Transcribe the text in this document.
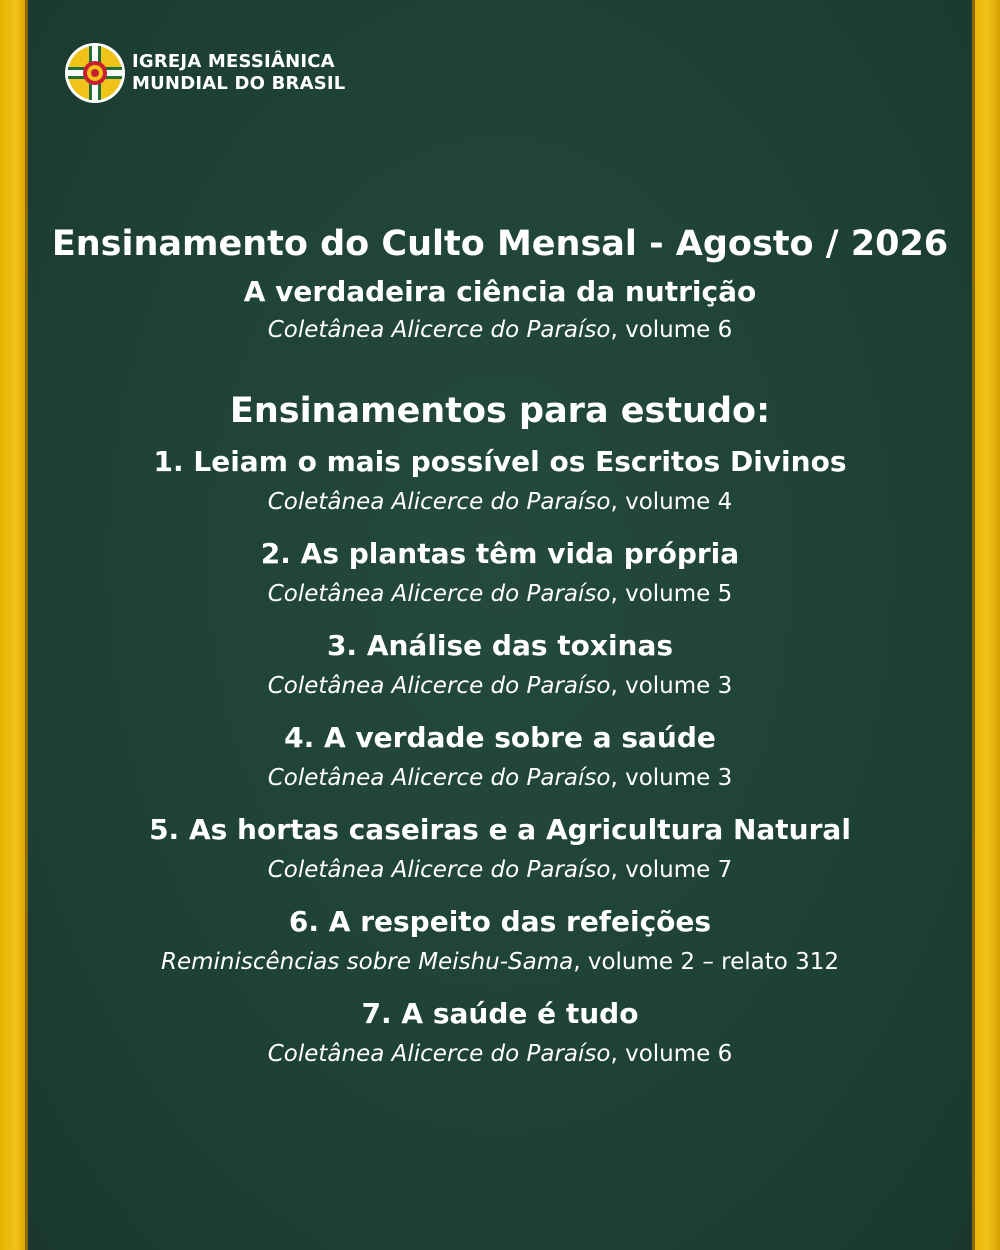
IGREJA MESSIÂNICA
MUNDIAL DO BRASIL

Ensinamento do Culto Mensal - Agosto / 2026

A verdadeira ciência da nutrição

Coletânea Alicerce do Paraíso, volume 6

Ensinamentos para estudo:

1. Leiam o mais possível os Escritos Divinos

Coletânea Alicerce do Paraíso, volume 4

2. As plantas têm vida própria

Coletânea Alicerce do Paraíso, volume 5

3. Análise das toxinas

Coletânea Alicerce do Paraíso, volume 3

4. A verdade sobre a saúde

Coletânea Alicerce do Paraíso, volume 3

5. As hortas caseiras e a Agricultura Natural

Coletânea Alicerce do Paraíso, volume 7

6. A respeito das refeições

Reminiscências sobre Meishu-Sama, volume 2 – relato 312

7. A saúde é tudo

Coletânea Alicerce do Paraíso, volume 6
